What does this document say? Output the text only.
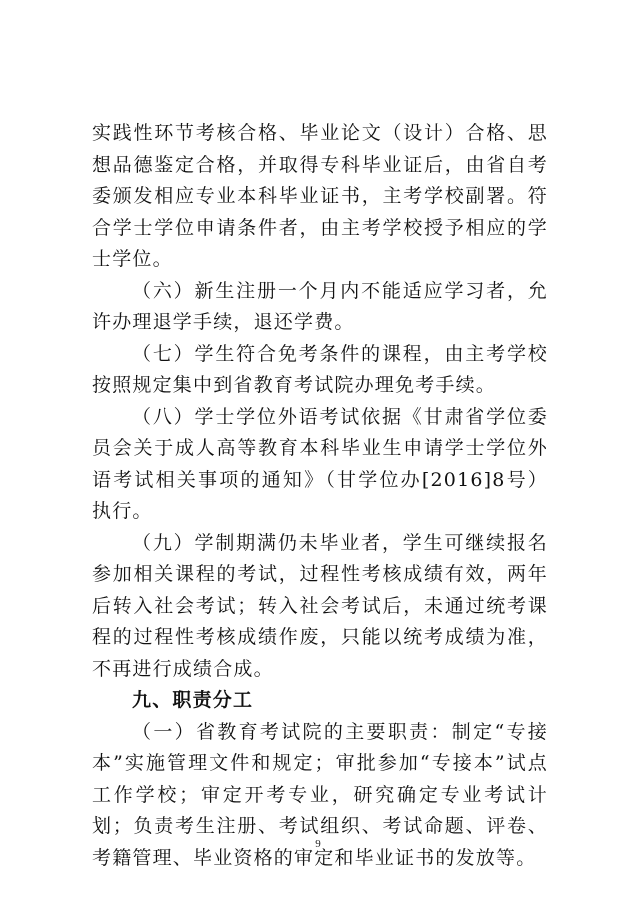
实践性环节考核合格、毕业论文（设计）合格、思想品德鉴定合格，并取得专科毕业证后，由省自考委颁发相应专业本科毕业证书，主考学校副署。符合学士学位申请条件者，由主考学校授予相应的学士学位。

（六）新生注册一个月内不能适应学习者，允许办理退学手续，退还学费。

（七）学生符合免考条件的课程，由主考学校按照规定集中到省教育考试院办理免考手续。

（八）学士学位外语考试依据《甘肃省学位委员会关于成人高等教育本科毕业生申请学士学位外语考试相关事项的通知》（甘学位办[2016]8号）执行。

（九）学制期满仍未毕业者，学生可继续报名参加相关课程的考试，过程性考核成绩有效，两年后转入社会考试；转入社会考试后，未通过统考课程的过程性考核成绩作废，只能以统考成绩为准，不再进行成绩合成。

九、职责分工

（一）省教育考试院的主要职责：制定“专接本”实施管理文件和规定；审批参加“专接本”试点工作学校；审定开考专业，研究确定专业考试计划；负责考生注册、考试组织、考试命题、评卷、考籍管理、毕业资格的审定和毕业证书的发放等。

9
